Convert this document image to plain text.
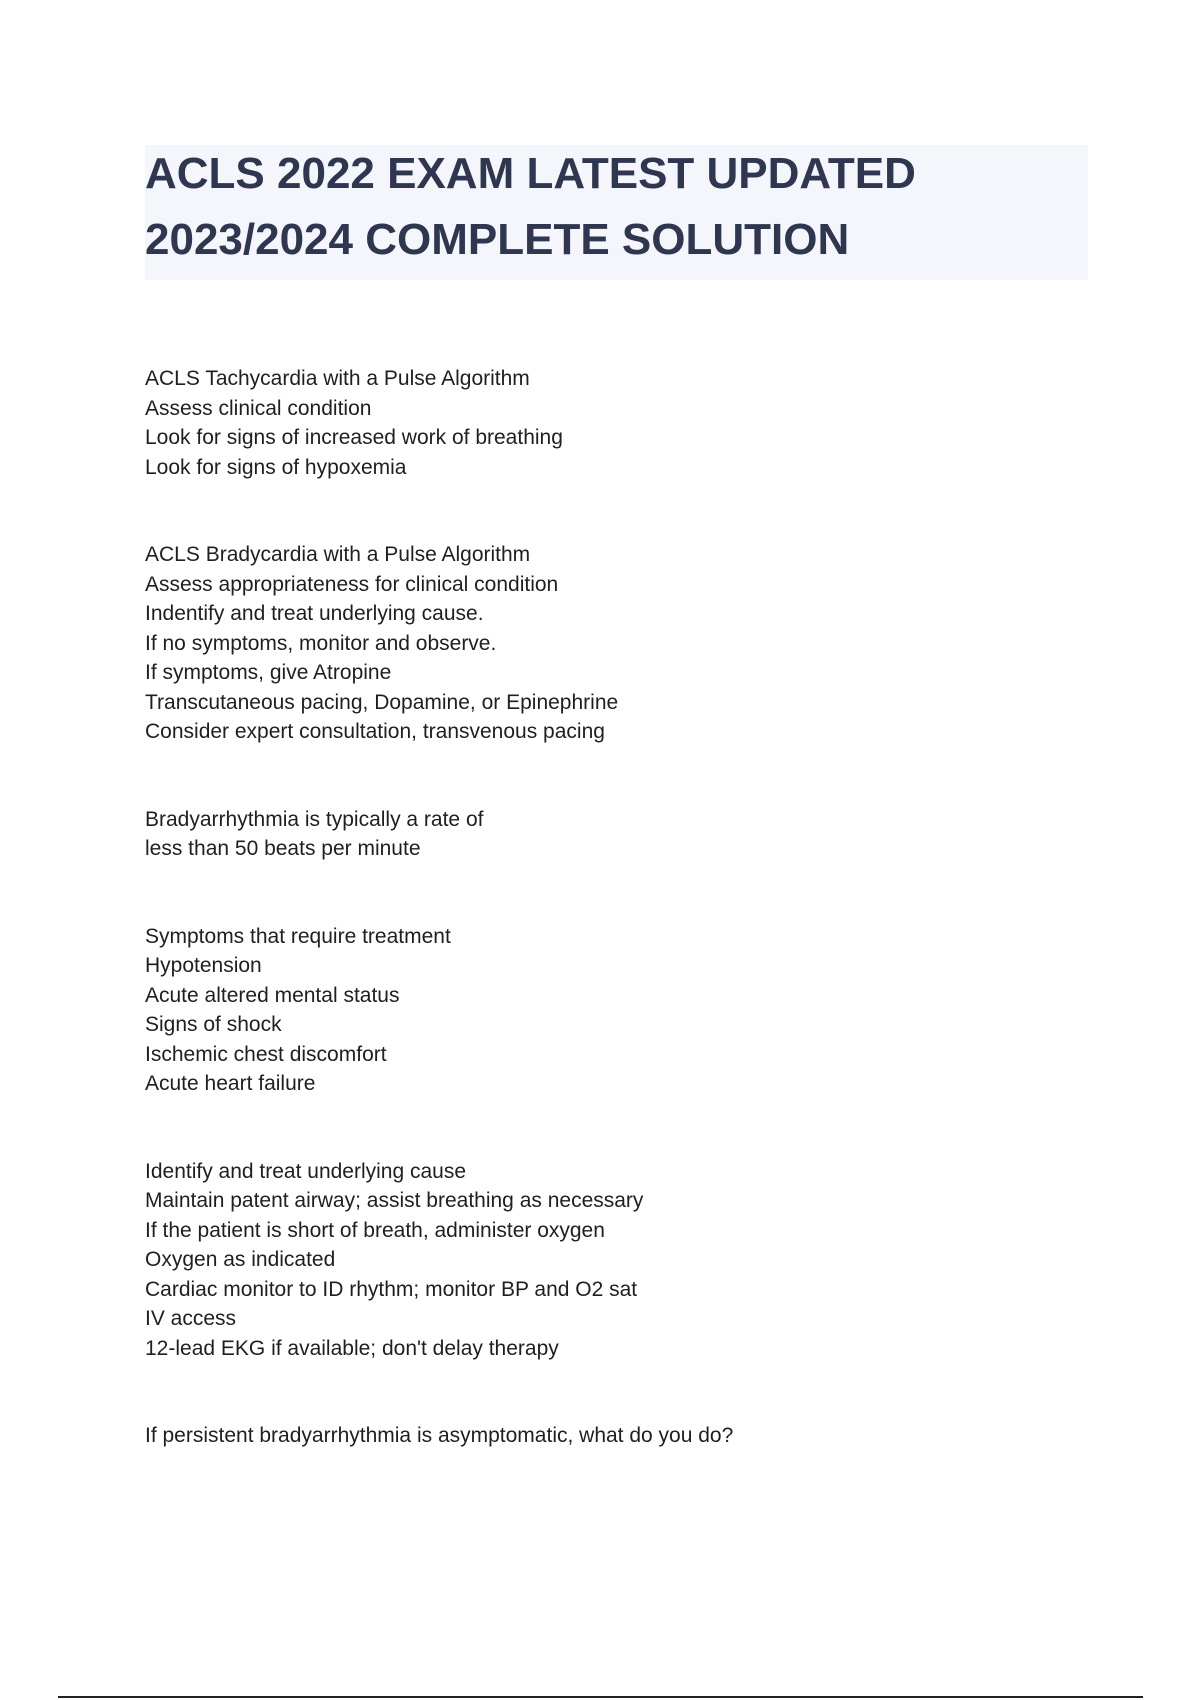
ACLS 2022 EXAM LATEST UPDATED
2023/2024 COMPLETE SOLUTION
ACLS Tachycardia with a Pulse Algorithm
Assess clinical condition
Look for signs of increased work of breathing
Look for signs of hypoxemia
ACLS Bradycardia with a Pulse Algorithm
Assess appropriateness for clinical condition
Indentify and treat underlying cause.
If no symptoms, monitor and observe.
If symptoms, give Atropine
Transcutaneous pacing, Dopamine, or Epinephrine
Consider expert consultation, transvenous pacing
Bradyarrhythmia is typically a rate of
less than 50 beats per minute
Symptoms that require treatment
Hypotension
Acute altered mental status
Signs of shock
Ischemic chest discomfort
Acute heart failure
Identify and treat underlying cause
Maintain patent airway; assist breathing as necessary
If the patient is short of breath, administer oxygen
Oxygen as indicated
Cardiac monitor to ID rhythm; monitor BP and O2 sat
IV access
12-lead EKG if available; don't delay therapy
If persistent bradyarrhythmia is asymptomatic, what do you do?
